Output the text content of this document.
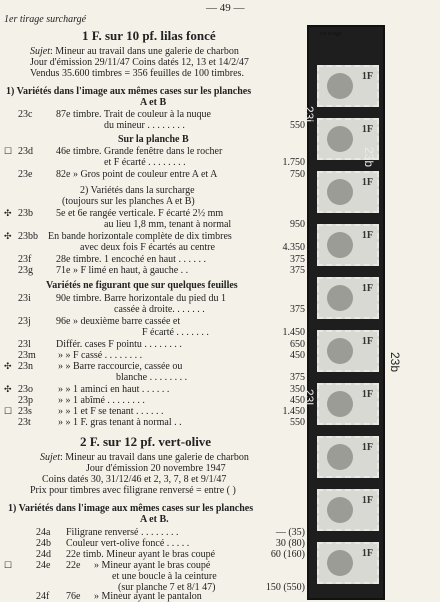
— 49 —
1er tirage surchargé
1 F. sur 10 pf. lilas foncé
Sujet: Mineur au travail dans une galerie de charbon
Jour d'émission 29/11/47 Coins datés 12, 13 et 14/2/47
Vendus 35.600 timbres = 356 feuilles de 100 timbres.
1) Variétés dans l'image aux mêmes cases sur les planches
A et B
23c	87e timbre. Trait de couleur à la nuque
du mineur . . . . . . . .	550
Sur la planche B
☐ 23d	46e timbre. Grande fenêtre dans le rocher
et F écarté . . . . . . . .	1.750
23e	82e » Gros point de couleur entre A et A	750
2) Variétés dans la surcharge
(toujours sur les planches A et B)
✣ 23b	5e et 6e rangée verticale. F écarté 2½ mm
au lieu 1,8 mm, tenant à normal	950
✣ 23bb	En bande horizontale complète de dix timbres
avec deux fois F écartés au centre	4.350
23f	28e timbre. 1 encoché en haut . . . . . .	375
23g	71e » F limé en haut, à gauche . .	375
Variétés ne figurant que sur quelques feuilles
23i	90e timbre. Barre horizontale du pied du 1
cassée à droite. . . . . . .	375
23j	96e » deuxième barre cassée et
F écarté . . . . . . .	1.450
23l	Différ. cases F pointu . . . . . . . .	650
23m	» » F cassé . . . . . . . .	450
✣ 23n	» » Barre raccourcie, cassée ou
blanche . . . . . . . .	375
✣ 23o	» » 1 aminci en haut . . . . . .	350
23p	» » 1 abîmé . . . . . . . .	450
☐ 23s	» » 1 et F se tenant . . . . . .	1.450
23t	» » 1 F. gras tenant à normal . .	550
2 F. sur 12 pf. vert-olive
Sujet: Mineur au travail dans une galerie de charbon
Jour d'émission 20 novembre 1947
Coins datés 30, 31/12/46 et 2, 3, 7, 8 et 9/1/47
Prix pour timbres avec filigrane renversé = entre ( )
1) Variétés dans l'image aux mêmes cases sur les planches
A et B.
24a	Filigrane renversé . . . . . . . .	— (35)
24b	Couleur vert-olive foncé . . . . .	30 (80)
24d	22e timb. Mineur ayant le bras coupé	60 (160)
☐ 24e	22e » Mineur ayant le bras coupé
et une boucle à la ceinture
(sur planche 7 et 8/1 47)	150 (550)
24f	76e » Mineur ayant le pantalon
1er tirage
1F
1F
1F
1F
1F
1F
1F
1F
1F
1F
23i
23b
23b
23l
